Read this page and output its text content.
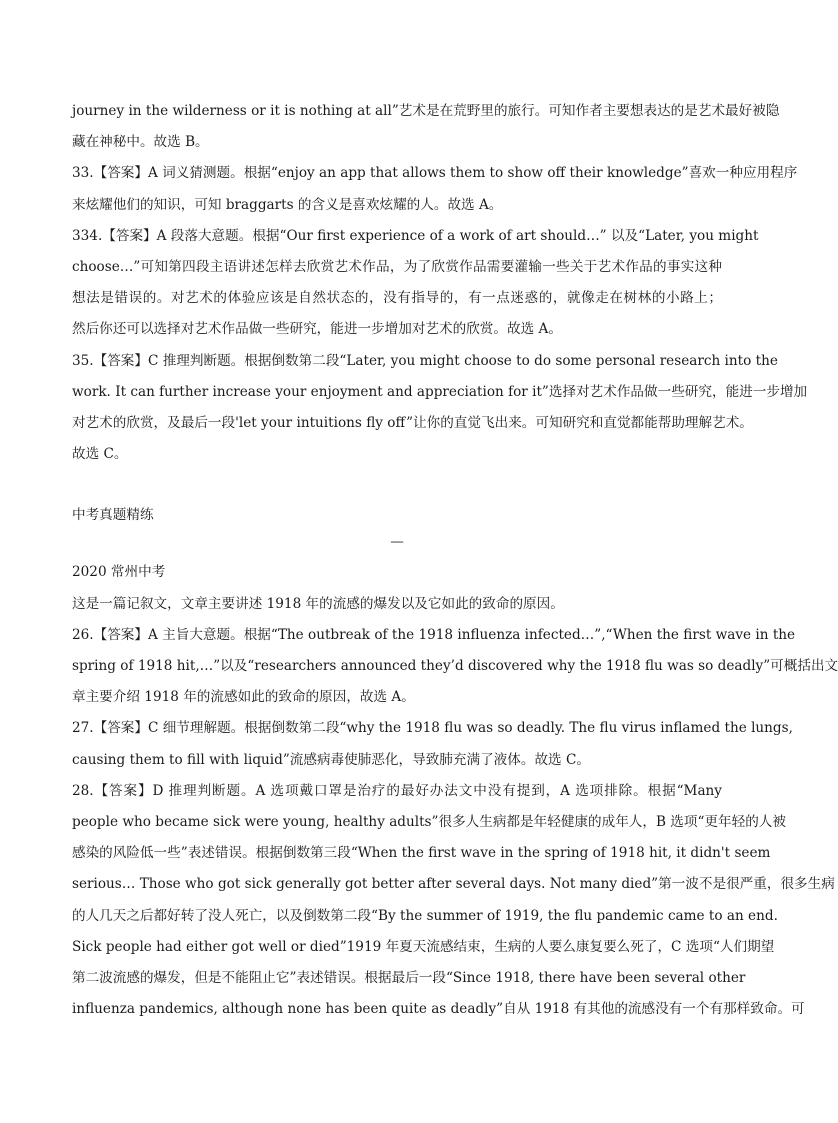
journey in the wilderness or it is nothing at all”艺术是在荒野里的旅行。可知作者主要想表达的是艺术最好被隐
藏在神秘中。故选 B。
33.【答案】A 词义猜测题。根据“enjoy an app that allows them to show off their knowledge”喜欢一种应用程序
来炫耀他们的知识，可知 braggarts 的含义是喜欢炫耀的人。故选 A。
334.【答案】A 段落大意题。根据“Our first experience of a work of art should…” 以及“Later, you might
choose…”可知第四段主语讲述怎样去欣赏艺术作品，为了欣赏作品需要灌输一些关于艺术作品的事实这种
想法是错误的。对艺术的体验应该是自然状态的，没有指导的，有一点迷惑的，就像走在树林的小路上；
然后你还可以选择对艺术作品做一些研究，能进一步增加对艺术的欣赏。故选 A。
35.【答案】C 推理判断题。根据倒数第二段“Later, you might choose to do some personal research into the
work. It can further increase your enjoyment and appreciation for it”选择对艺术作品做一些研究，能进一步增加
对艺术的欣赏，及最后一段'let your intuitions fly off”让你的直觉飞出来。可知研究和直觉都能帮助理解艺术。
故选 C。
中考真题精练
—
2020 常州中考
这是一篇记叙文，文章主要讲述 1918 年的流感的爆发以及它如此的致命的原因。
26.【答案】A 主旨大意题。根据“The outbreak of the 1918 influenza infected…”,“When the first wave in the
spring of 1918 hit,…”以及“researchers announced they’d discovered why the 1918 flu was so deadly”可概括出文
章主要介绍 1918 年的流感如此的致命的原因，故选 A。
27.【答案】C 细节理解题。根据倒数第二段“why the 1918 flu was so deadly. The flu virus inflamed the lungs,
causing them to fill with liquid”流感病毒使肺恶化，导致肺充满了液体。故选 C。
28.【答案】D 推理判断题。A 选项戴口罩是治疗的最好办法文中没有提到，A 选项排除。根据“Many
people who became sick were young, healthy adults”很多人生病都是年轻健康的成年人，B 选项“更年轻的人被
感染的风险低一些”表述错误。根据倒数第三段“When the first wave in the spring of 1918 hit, it didn't seem
serious… Those who got sick generally got better after several days. Not many died”第一波不是很严重，很多生病
的人几天之后都好转了没人死亡，以及倒数第二段“By the summer of 1919, the flu pandemic came to an end.
Sick people had either got well or died”1919 年夏天流感结束，生病的人要么康复要么死了，C 选项“人们期望
第二波流感的爆发，但是不能阻止它”表述错误。根据最后一段“Since 1918, there have been several other
influenza pandemics, although none has been quite as deadly”自从 1918 有其他的流感没有一个有那样致命。可
